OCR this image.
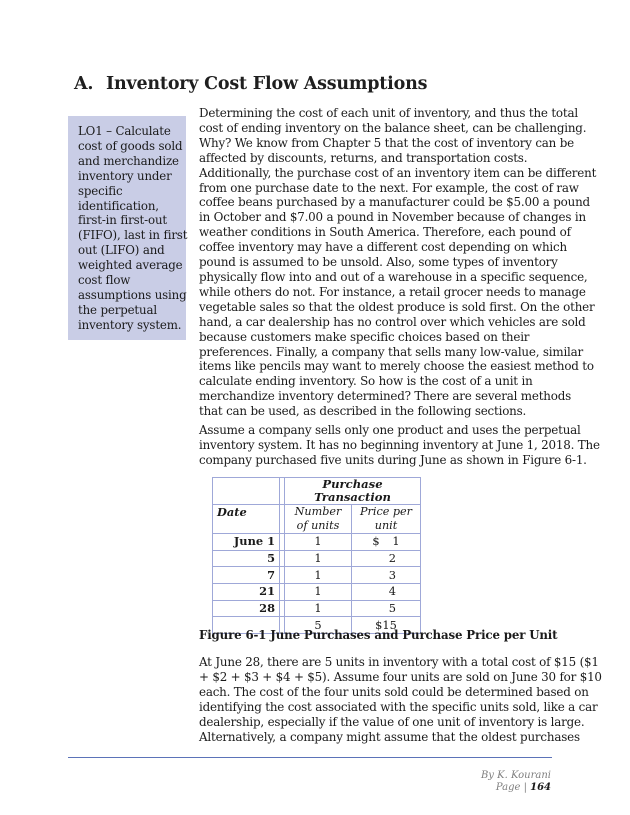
A. Inventory Cost Flow Assumptions

LO1 – Calculate

cost of goods sold

and merchandize

inventory under

specific

identification,

first-in first-out

(FIFO), last in first

out (LIFO) and

weighted average

cost flow

assumptions using

the perpetual

inventory system.

Determining the cost of each unit of inventory, and thus the total
cost of ending inventory on the balance sheet, can be challenging.
Why? We know from Chapter 5 that the cost of inventory can be
affected by discounts, returns, and transportation costs.
Additionally, the purchase cost of an inventory item can be different
from one purchase date to the next. For example, the cost of raw
coffee beans purchased by a manufacturer could be $5.00 a pound
in October and $7.00 a pound in November because of changes in
weather conditions in South America. Therefore, each pound of
coffee inventory may have a different cost depending on which
pound is assumed to be unsold. Also, some types of inventory
physically flow into and out of a warehouse in a specific sequence,
while others do not. For instance, a retail grocer needs to manage
vegetable sales so that the oldest produce is sold first. On the other
hand, a car dealership has no control over which vehicles are sold
because customers make specific choices based on their
preferences. Finally, a company that sells many low-value, similar
items like pencils may want to merely choose the easiest method to
calculate ending inventory. So how is the cost of a unit in
merchandize inventory determined? There are several methods
that can be used, as described in the following sections.
Assume a company sells only one product and uses the perpetual
inventory system. It has no beginning inventory at June 1, 2018. The
company purchased five units during June as shown in Figure 6-1.
		Purchase Transaction	
Date		Number of units	Price per unit
June 1		1	$ 1
5		1	2
7		1	3
21		1	4
28		1	5
		5	$15
Figure 6-1 June Purchases and Purchase Price per Unit
At June 28, there are 5 units in inventory with a total cost of $15 ($1
+ $2 + $3 + $4 + $5). Assume four units are sold on June 30 for $10
each. The cost of the four units sold could be determined based on
identifying the cost associated with the specific units sold, like a car
dealership, especially if the value of one unit of inventory is large.
Alternatively, a company might assume that the oldest purchases
By K. Kourani
Page | 164
